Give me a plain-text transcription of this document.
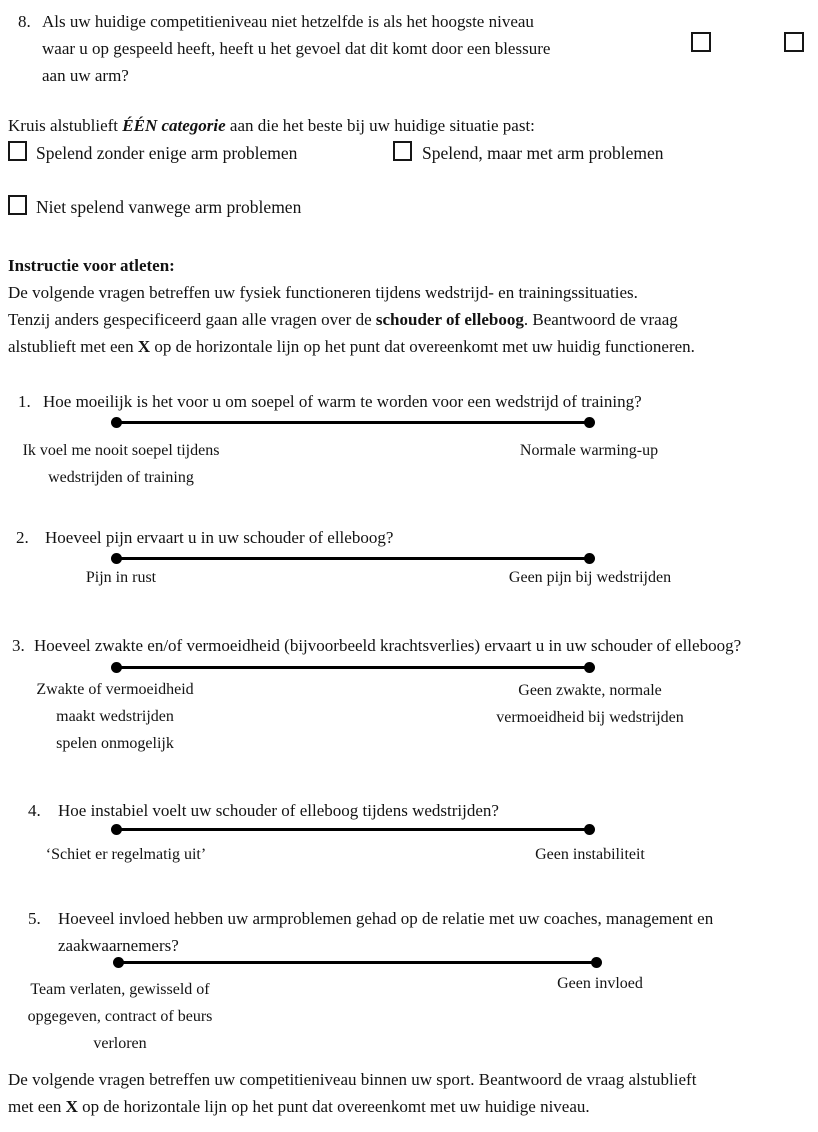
8. Als uw huidige competitieniveau niet hetzelfde is als het hoogste niveau
waar u op gespeeld heeft, heeft u het gevoel dat dit komt door een blessure
aan uw arm?
Kruis alstublieft ÉÉN categorie aan die het beste bij uw huidige situatie past:
Spelend zonder enige arm problemen	Spelend, maar met arm problemen
Niet spelend vanwege arm problemen
Instructie voor atleten:
De volgende vragen betreffen uw fysiek functioneren tijdens wedstrijd- en trainingssituaties.
Tenzij anders gespecificeerd gaan alle vragen over de schouder of elleboog. Beantwoord de vraag
alstublieft met een X op de horizontale lijn op het punt dat overeenkomt met uw huidig functioneren.
1. Hoe moeilijk is het voor u om soepel of warm te worden voor een wedstrijd of training?
Ik voel me nooit soepel tijdens
wedstrijden of training
Normale warming-up
2. Hoeveel pijn ervaart u in uw schouder of elleboog?
Pijn in rust	Geen pijn bij wedstrijden
3. Hoeveel zwakte en/of vermoeidheid (bijvoorbeeld krachtsverlies) ervaart u in uw schouder of elleboog?
Zwakte of vermoeidheid
maakt wedstrijden
spelen onmogelijk
Geen zwakte, normale
vermoeidheid bij wedstrijden
4. Hoe instabiel voelt uw schouder of elleboog tijdens wedstrijden?
‘Schiet er regelmatig uit’	Geen instabiliteit
5. Hoeveel invloed hebben uw armproblemen gehad op de relatie met uw coaches, management en
zaakwaarnemers?
Team verlaten, gewisseld of
opgegeven, contract of beurs
verloren
Geen invloed
De volgende vragen betreffen uw competitieniveau binnen uw sport. Beantwoord de vraag alstublieft
met een X op de horizontale lijn op het punt dat overeenkomt met uw huidige niveau.
